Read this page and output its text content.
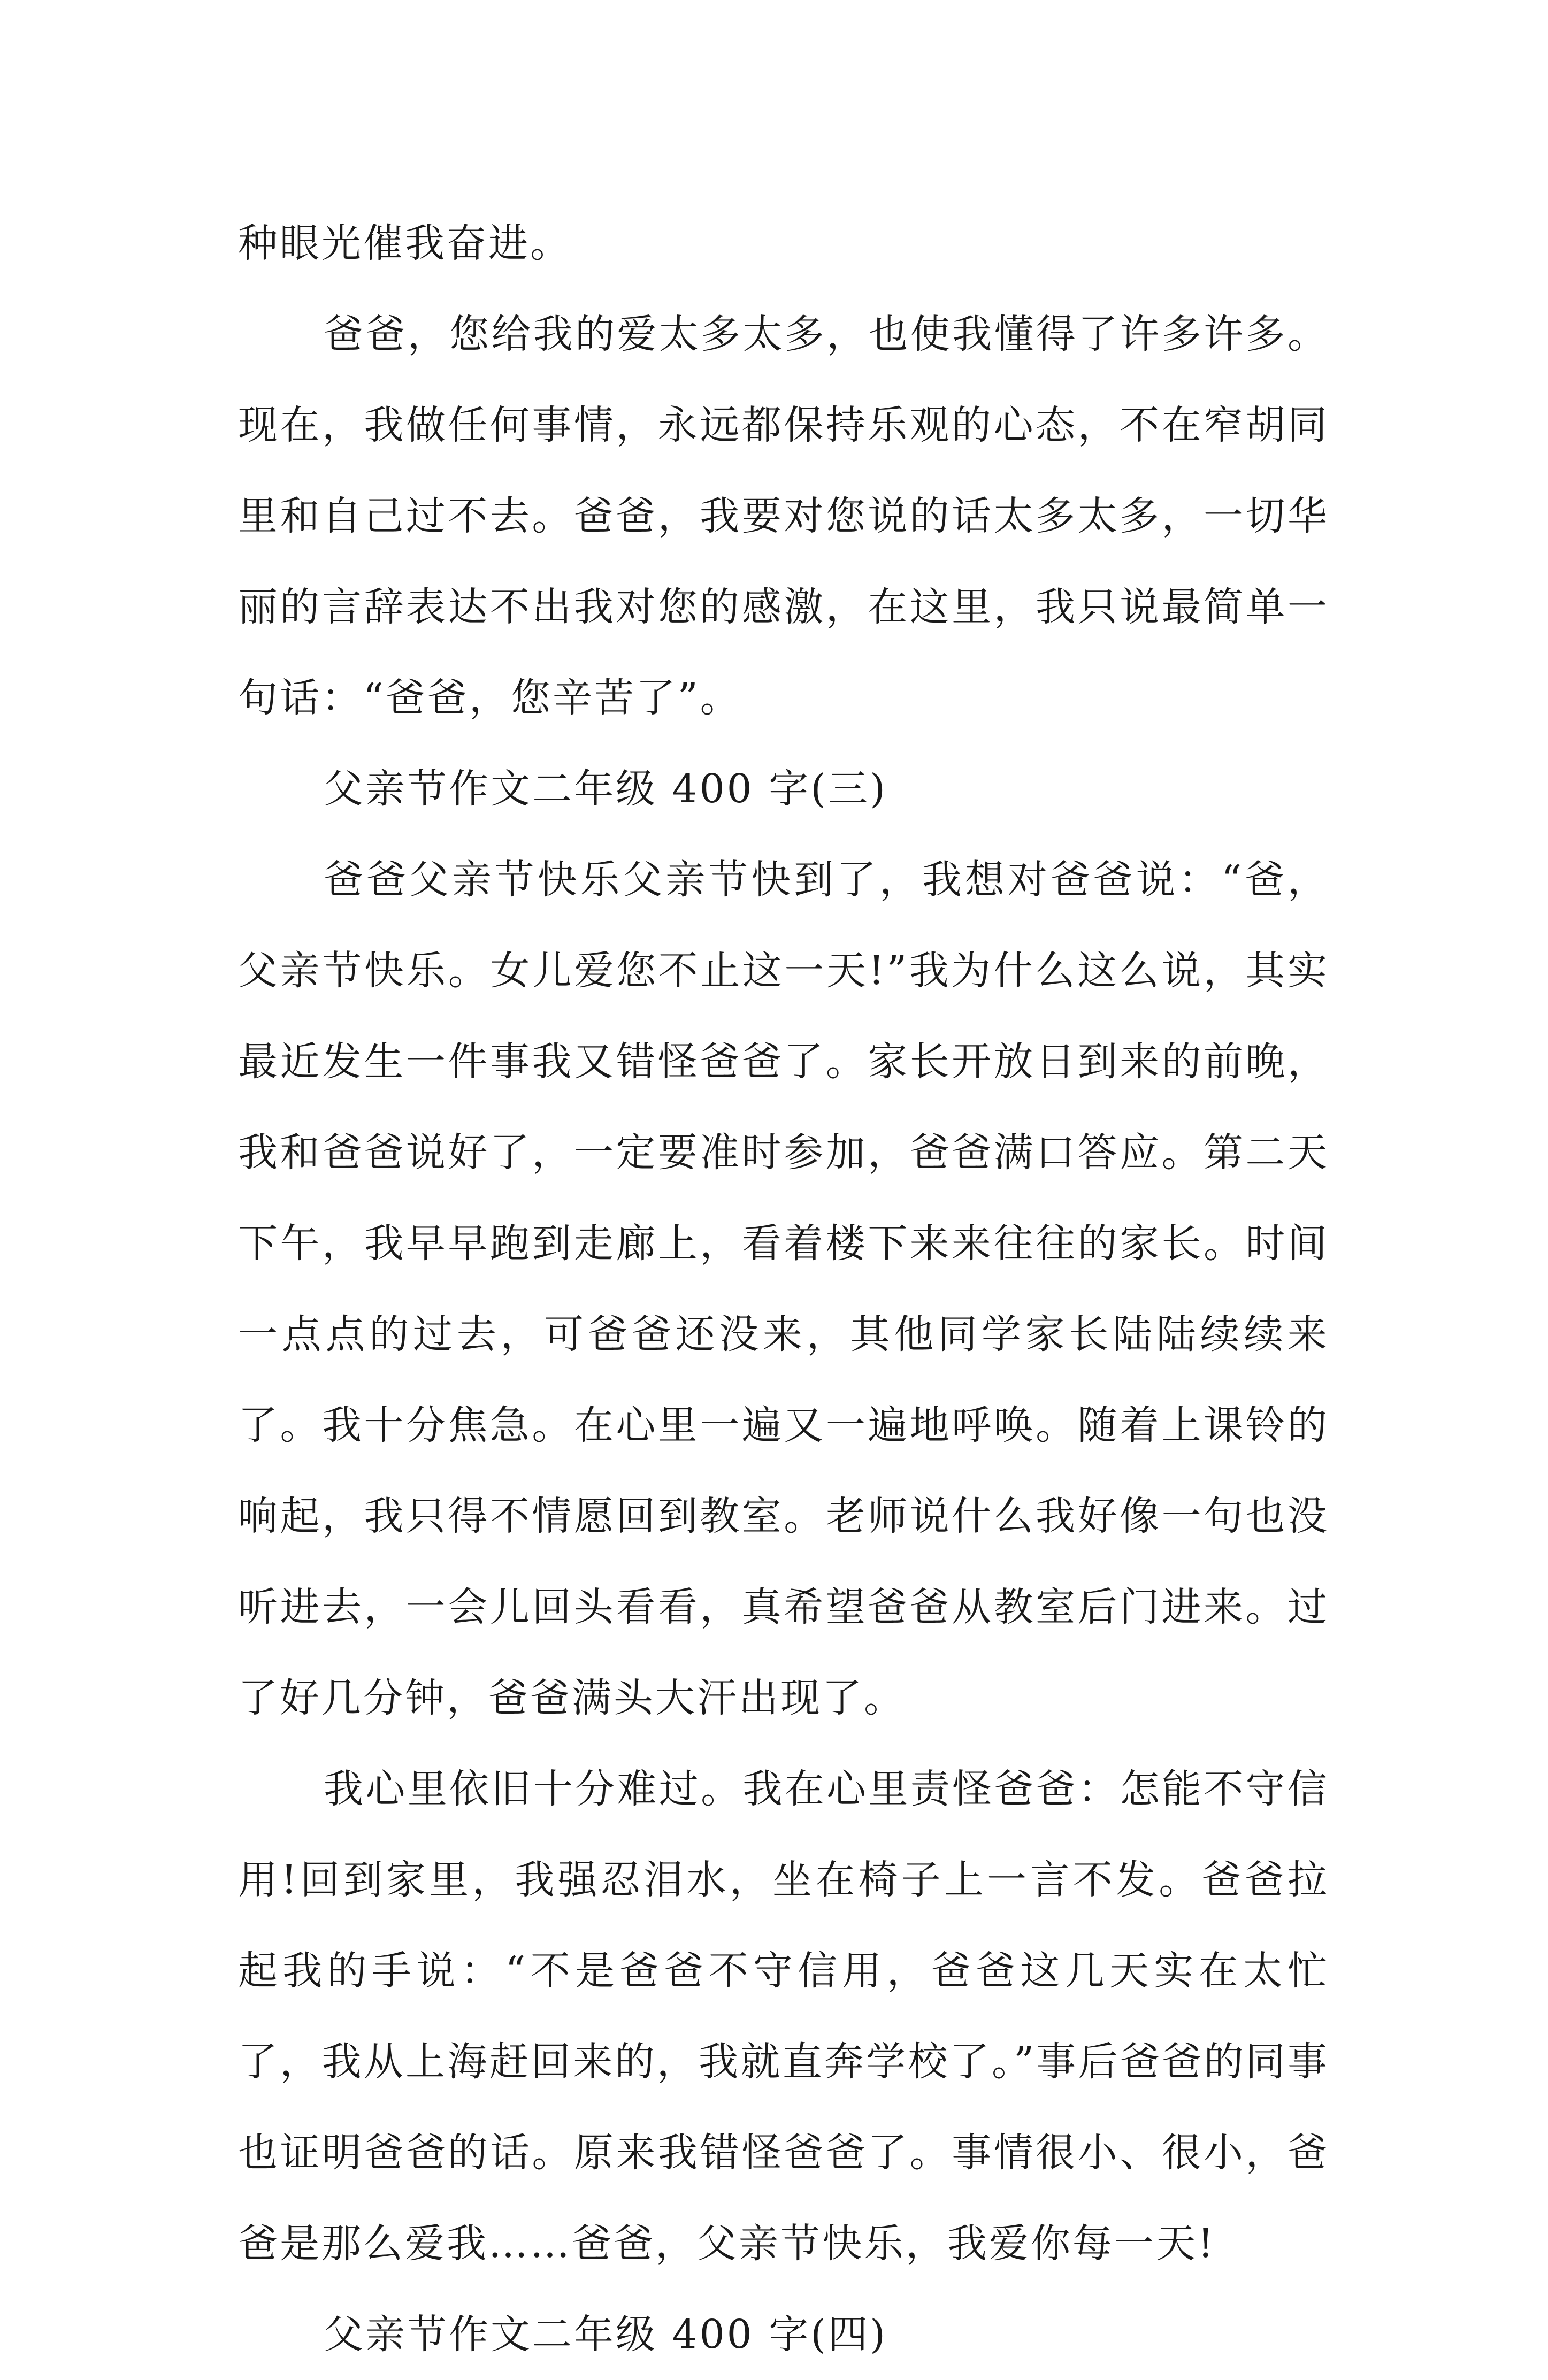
种眼光催我奋进。

爸爸，您给我的爱太多太多，也使我懂得了许多许多。现在，我做任何事情，永远都保持乐观的心态，不在窄胡同里和自己过不去。爸爸，我要对您说的话太多太多，一切华丽的言辞表达不出我对您的感激，在这里，我只说最简单一句话：“爸爸，您辛苦了”。

父亲节作文二年级 400 字(三)

爸爸父亲节快乐父亲节快到了，我想对爸爸说：“爸，父亲节快乐。女儿爱您不止这一天!”我为什么这么说，其实最近发生一件事我又错怪爸爸了。家长开放日到来的前晚，我和爸爸说好了，一定要准时参加，爸爸满口答应。第二天下午，我早早跑到走廊上，看着楼下来来往往的家长。时间一点点的过去，可爸爸还没来，其他同学家长陆陆续续来了。我十分焦急。在心里一遍又一遍地呼唤。随着上课铃的响起，我只得不情愿回到教室。老师说什么我好像一句也没听进去，一会儿回头看看，真希望爸爸从教室后门进来。过了好几分钟，爸爸满头大汗出现了。

我心里依旧十分难过。我在心里责怪爸爸：怎能不守信用!回到家里，我强忍泪水，坐在椅子上一言不发。爸爸拉起我的手说：“不是爸爸不守信用，爸爸这几天实在太忙了，我从上海赶回来的，我就直奔学校了。”事后爸爸的同事也证明爸爸的话。原来我错怪爸爸了。事情很小、很小，爸爸是那么爱我……爸爸，父亲节快乐，我爱你每一天!

父亲节作文二年级 400 字(四)
